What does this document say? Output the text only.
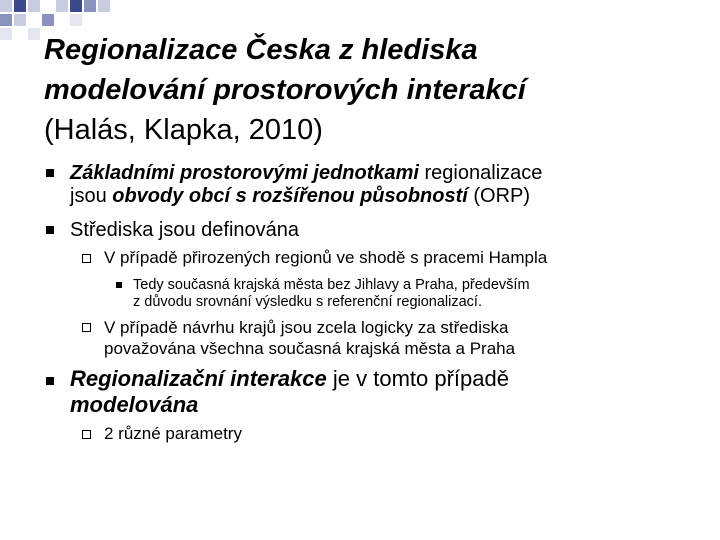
Regionalizace Česka z hlediska
modelování prostorových interakcí
(Halás, Klapka, 2010)
Základními prostorovými jednotkami regionalizace
jsou obvody obcí s rozšířenou působností (ORP)
Střediska jsou definována
V případě přirozených regionů ve shodě s pracemi Hampla
Tedy současná krajská města bez Jihlavy a Praha, především
z důvodu srovnání výsledku s referenční regionalizací.
V případě návrhu krajů jsou zcela logicky za střediska
považována všechna současná krajská města a Praha
Regionalizační interakce je v tomto případě
modelována
2 různé parametry
